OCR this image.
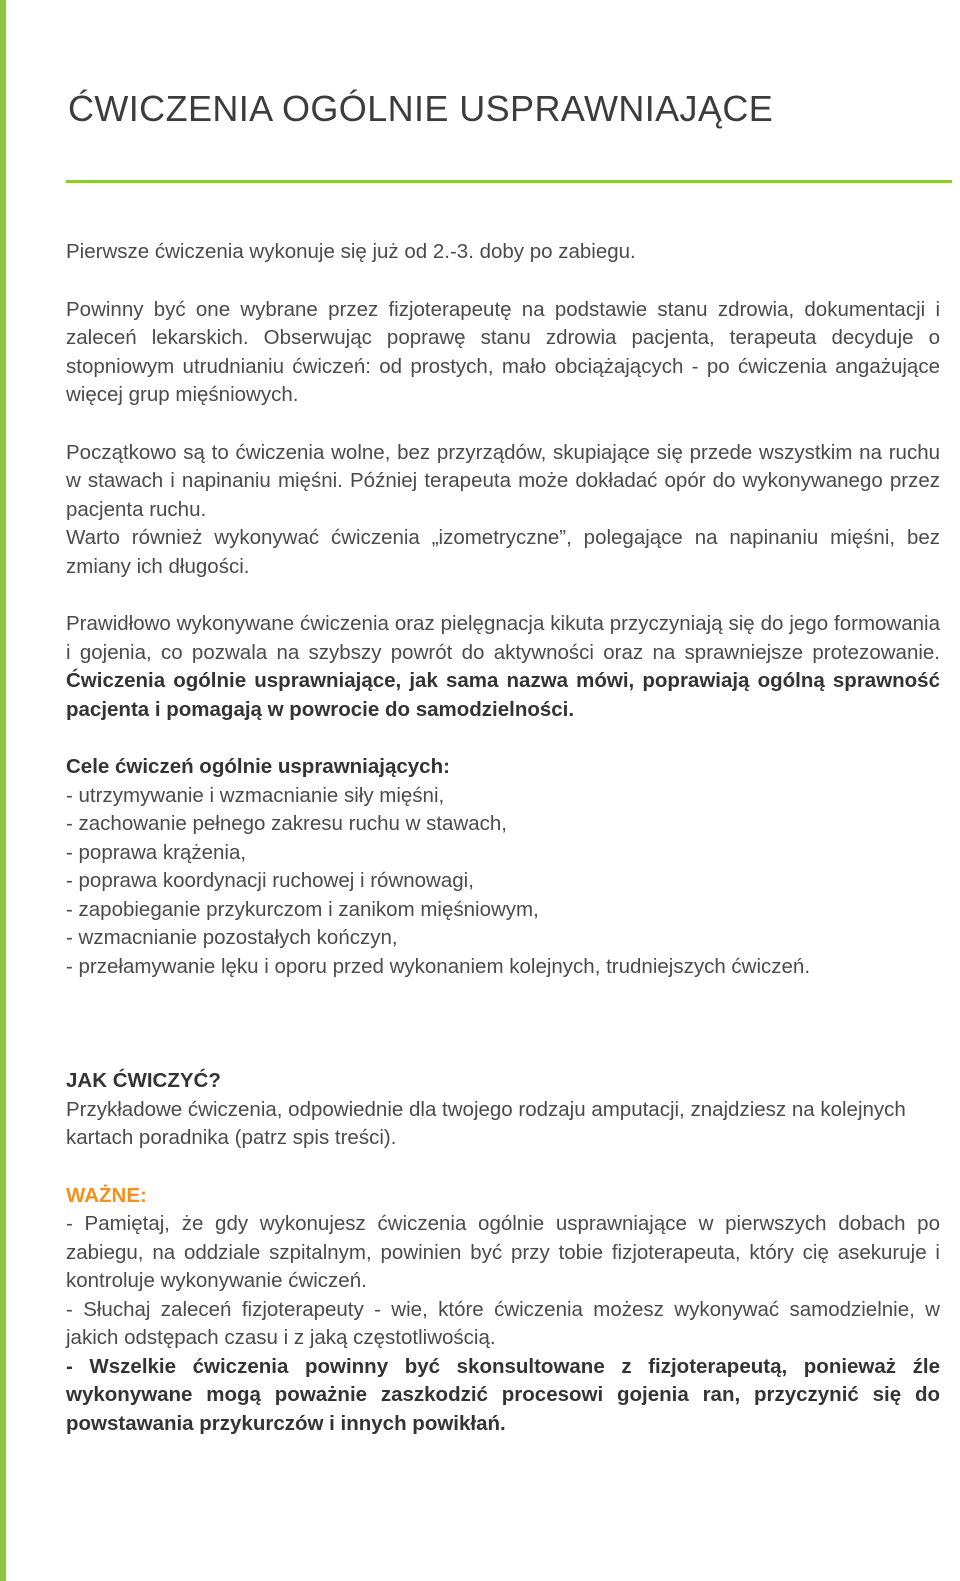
ĆWICZENIA OGÓLNIE USPRAWNIAJĄCE

Pierwsze ćwiczenia wykonuje się już od 2.-3. doby po zabiegu.

Powinny być one wybrane przez fizjoterapeutę na podstawie stanu zdrowia, dokumentacji i zaleceń lekarskich. Obserwując poprawę stanu zdrowia pacjenta, terapeuta decyduje o stopniowym utrudnianiu ćwiczeń: od prostych, mało obciążających - po ćwiczenia angażujące więcej grup mięśniowych.

Początkowo są to ćwiczenia wolne, bez przyrządów, skupiające się przede wszystkim na ruchu w stawach i napinaniu mięśni. Później terapeuta może dokładać opór do wykonywanego przez pacjenta ruchu.

Warto również wykonywać ćwiczenia „izometryczne”, polegające na napinaniu mięśni, bez zmiany ich długości.

Prawidłowo wykonywane ćwiczenia oraz pielęgnacja kikuta przyczyniają się do jego formowania i gojenia, co pozwala na szybszy powrót do aktywności oraz na sprawniejsze protezowanie. Ćwiczenia ogólnie usprawniające, jak sama nazwa mówi, poprawiają ogólną sprawność pacjenta i pomagają w powrocie do samodzielności.

Cele ćwiczeń ogólnie usprawniających:

- utrzymywanie i wzmacnianie siły mięśni,
- zachowanie pełnego zakresu ruchu w stawach,
- poprawa krążenia,
- poprawa koordynacji ruchowej i równowagi,
- zapobieganie przykurczom i zanikom mięśniowym,
- wzmacnianie pozostałych kończyn,
- przełamywanie lęku i oporu przed wykonaniem kolejnych, trudniejszych ćwiczeń.

JAK ĆWICZYĆ?

Przykładowe ćwiczenia, odpowiednie dla twojego rodzaju amputacji, znajdziesz na kolejnych kartach poradnika (patrz spis treści).

WAŻNE:

- Pamiętaj, że gdy wykonujesz ćwiczenia ogólnie usprawniające w pierwszych dobach po zabiegu, na oddziale szpitalnym, powinien być przy tobie fizjoterapeuta, który cię asekuruje i kontroluje wykonywanie ćwiczeń.

- Słuchaj zaleceń fizjoterapeuty - wie, które ćwiczenia możesz wykonywać samodzielnie, w jakich odstępach czasu i z jaką częstotliwością.

- Wszelkie ćwiczenia powinny być skonsultowane z fizjoterapeutą, ponieważ źle wykonywane mogą poważnie zaszkodzić procesowi gojenia ran, przyczynić się do powstawania przykurczów i innych powikłań.
